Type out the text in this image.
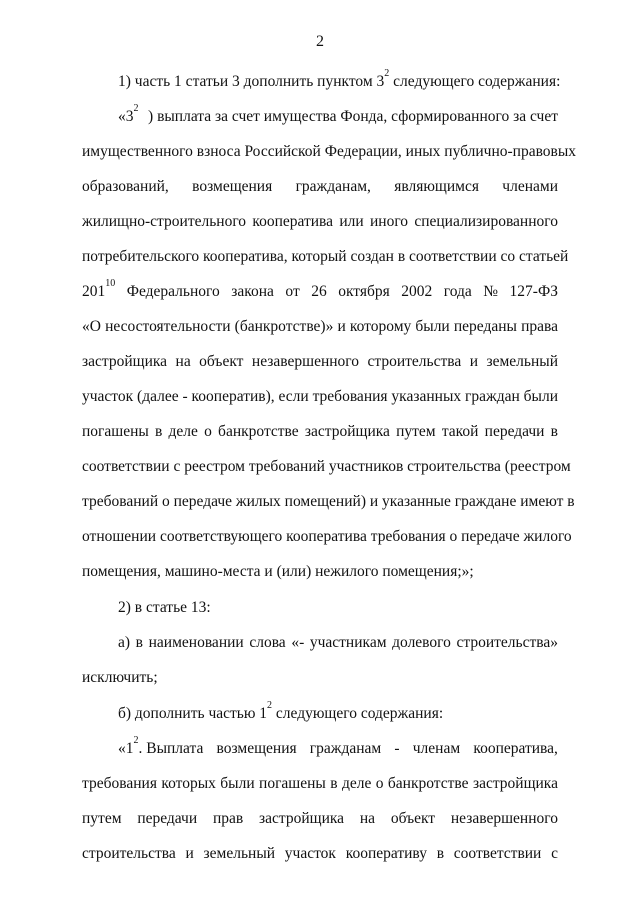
2
1) часть 1 статьи 3 дополнить пунктом $3^2$ следующего содержания:
«$3^2$ ) выплата за счет имущества Фонда, сформированного за счет
имущественного взноса Российской Федерации, иных публично-правовых
образований, возмещения гражданам, являющимся членами
жилищно-строительного кооператива или иного специализированного
потребительского кооператива, который создан в соответствии со статьей
$201^{10}$ Федерального закона от 26 октября 2002 года № 127-ФЗ
«О несостоятельности (банкротстве)» и которому были переданы права
застройщика на объект незавершенного строительства и земельный
участок (далее - кооператив), если требования указанных граждан были
погашены в деле о банкротстве застройщика путем такой передачи в
соответствии с реестром требований участников строительства (реестром
требований о передаче жилых помещений) и указанные граждане имеют в
отношении соответствующего кооператива требования о передаче жилого
помещения, машино-места и (или) нежилого помещения;»;
2) в статье 13:
а) в наименовании слова «- участникам долевого строительства»
исключить;
б) дополнить частью $1^2$ следующего содержания:
«$1^2$. Выплата возмещения гражданам - членам кооператива,
требования которых были погашены в деле о банкротстве застройщика
путем передачи прав застройщика на объект незавершенного
строительства и земельный участок кооперативу в соответствии с
